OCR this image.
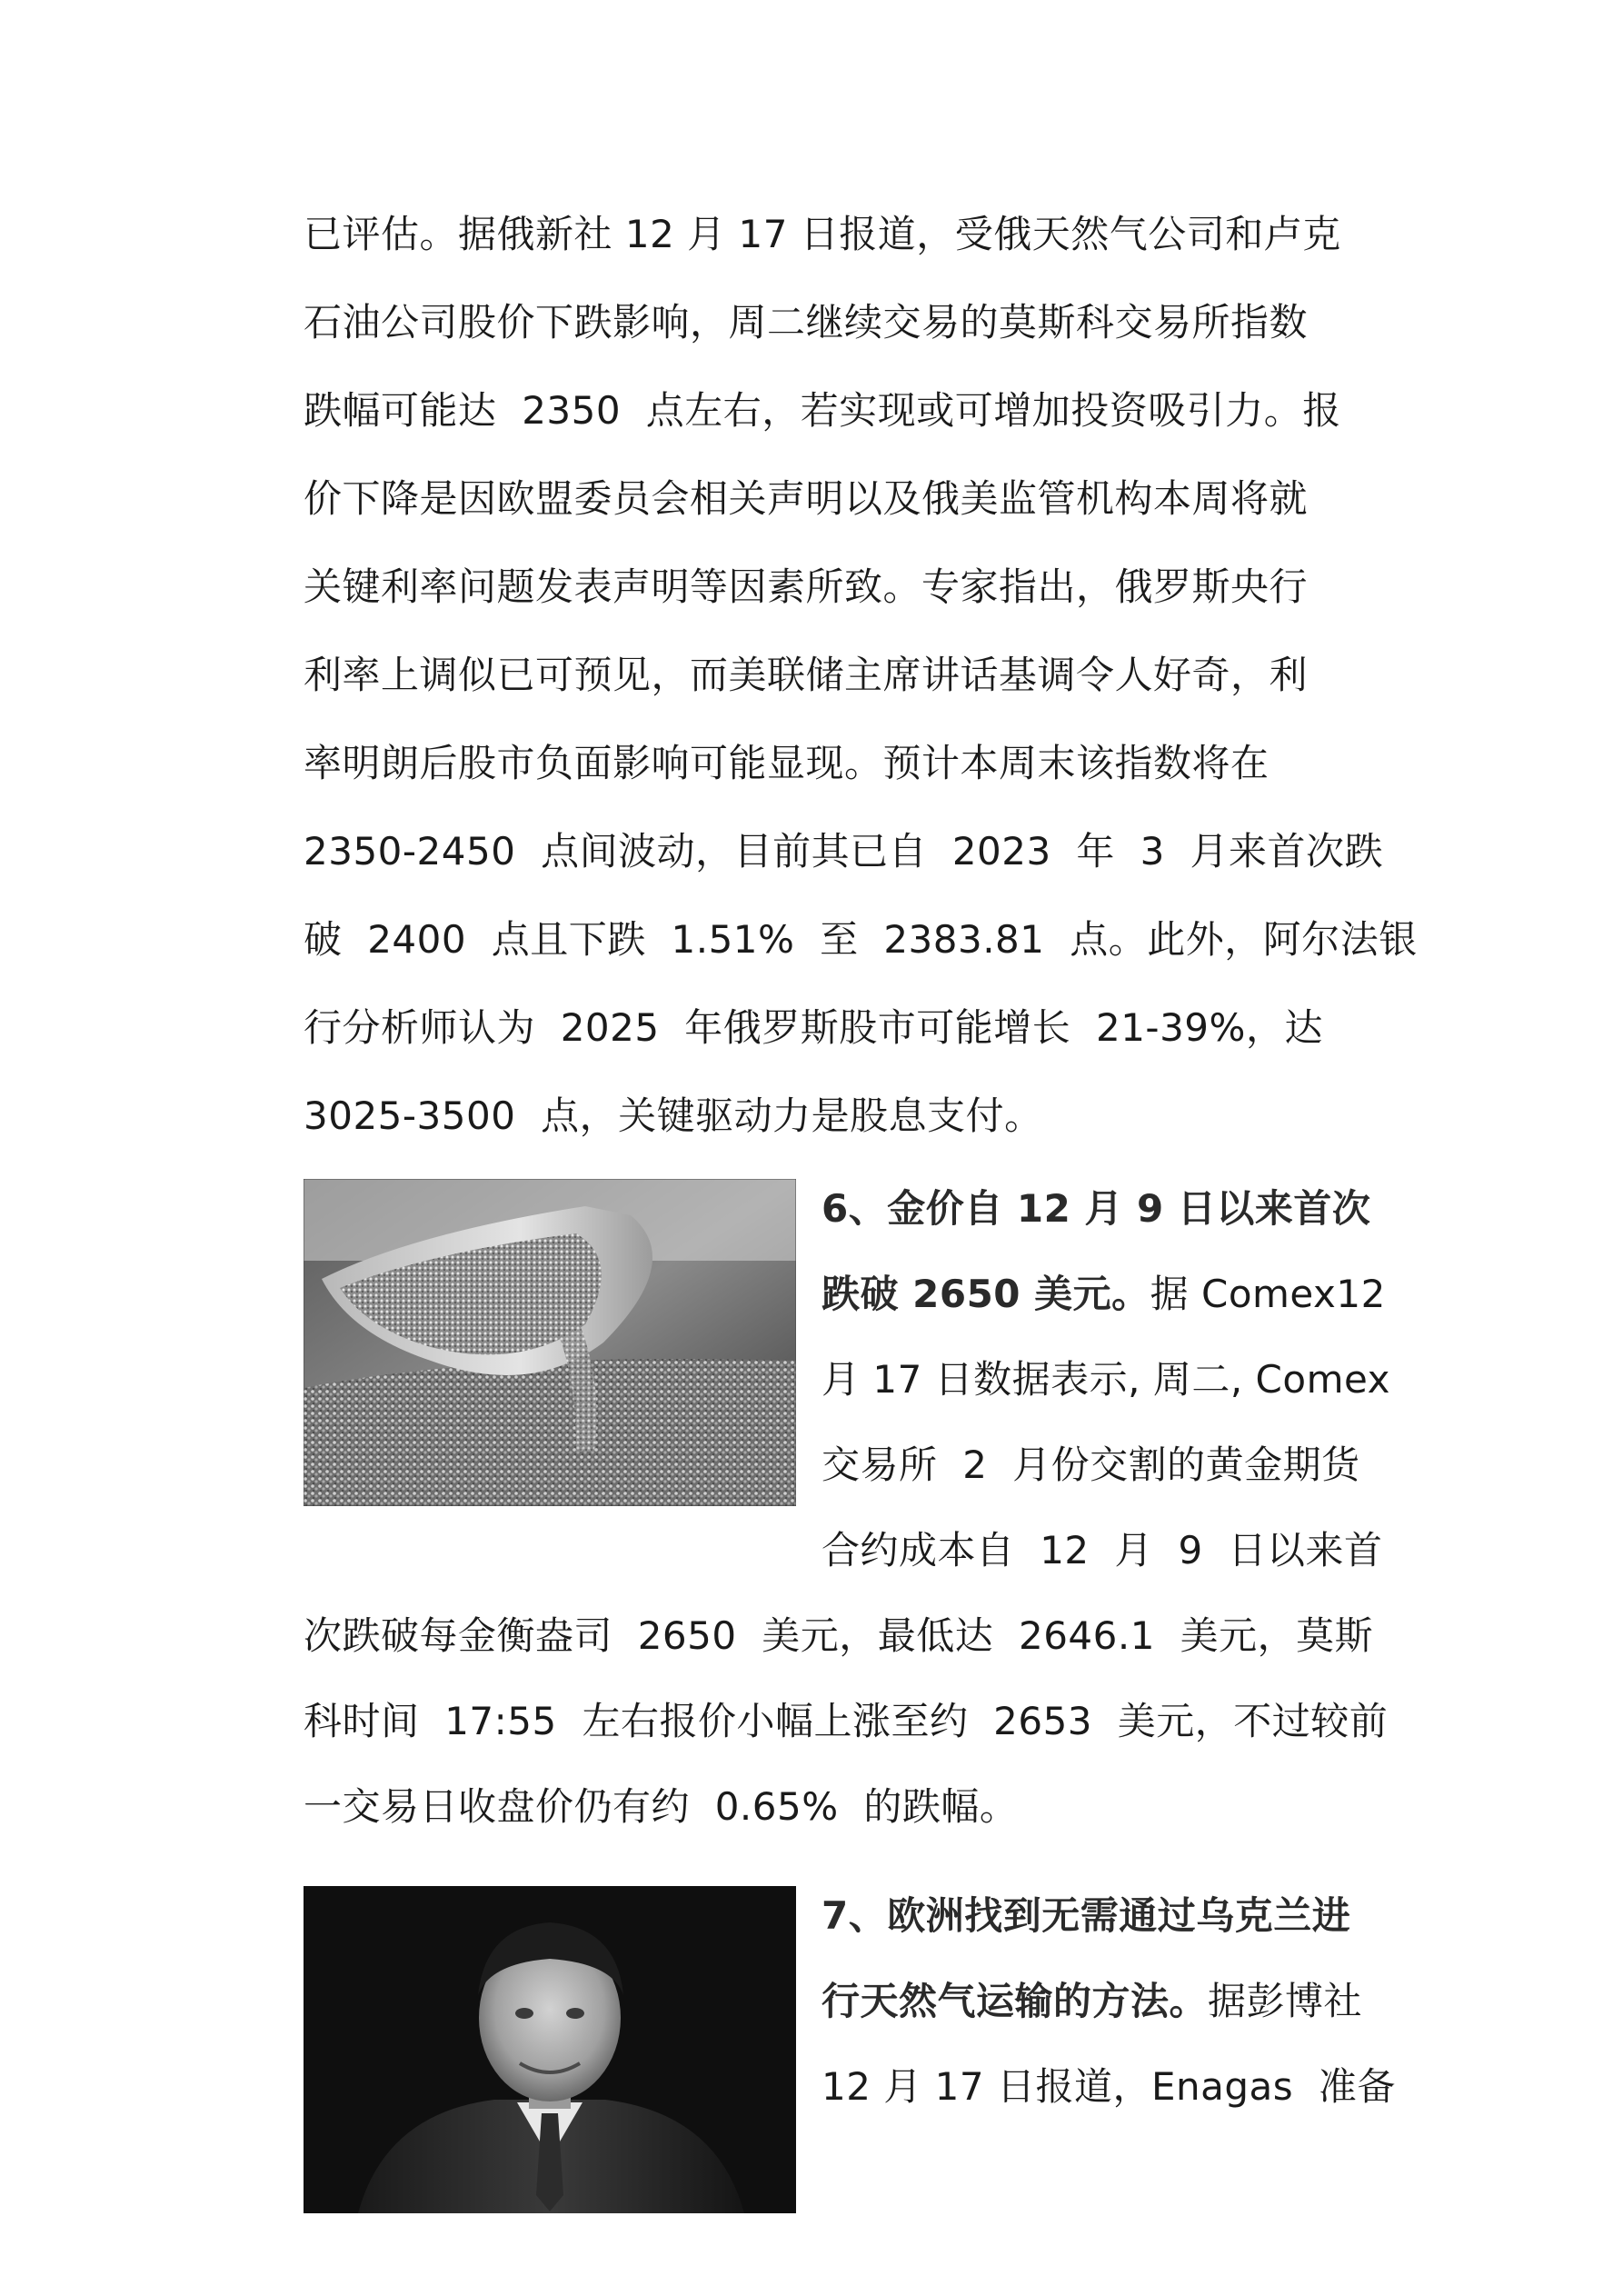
已评估。据俄新社 12 月 17 日报道，受俄天然气公司和卢克

石油公司股价下跌影响，周二继续交易的莫斯科交易所指数

跌幅可能达  2350  点左右，若实现或可增加投资吸引力。报

价下降是因欧盟委员会相关声明以及俄美监管机构本周将就

关键利率问题发表声明等因素所致。专家指出，俄罗斯央行

利率上调似已可预见，而美联储主席讲话基调令人好奇，利

率明朗后股市负面影响可能显现。预计本周末该指数将在

2350-2450  点间波动，目前其已自  2023  年  3  月来首次跌

破  2400  点且下跌  1.51%  至  2383.81  点。此外，阿尔法银

行分析师认为  2025  年俄罗斯股市可能增长  21-39%，达

3025-3500  点，关键驱动力是股息支付。

6、金价自 12 月 9 日以来首次

跌破 2650 美元。据 Comex12

月 17 日数据表示, 周二, Comex

交易所  2  月份交割的黄金期货

合约成本自  12  月  9  日以来首

次跌破每金衡盎司  2650  美元，最低达  2646.1  美元，莫斯

科时间  17:55  左右报价小幅上涨至约  2653  美元，不过较前

一交易日收盘价仍有约  0.65%  的跌幅。

7、欧洲找到无需通过乌克兰进

行天然气运输的方法。据彭博社

12 月 17 日报道，Enagas  准备
